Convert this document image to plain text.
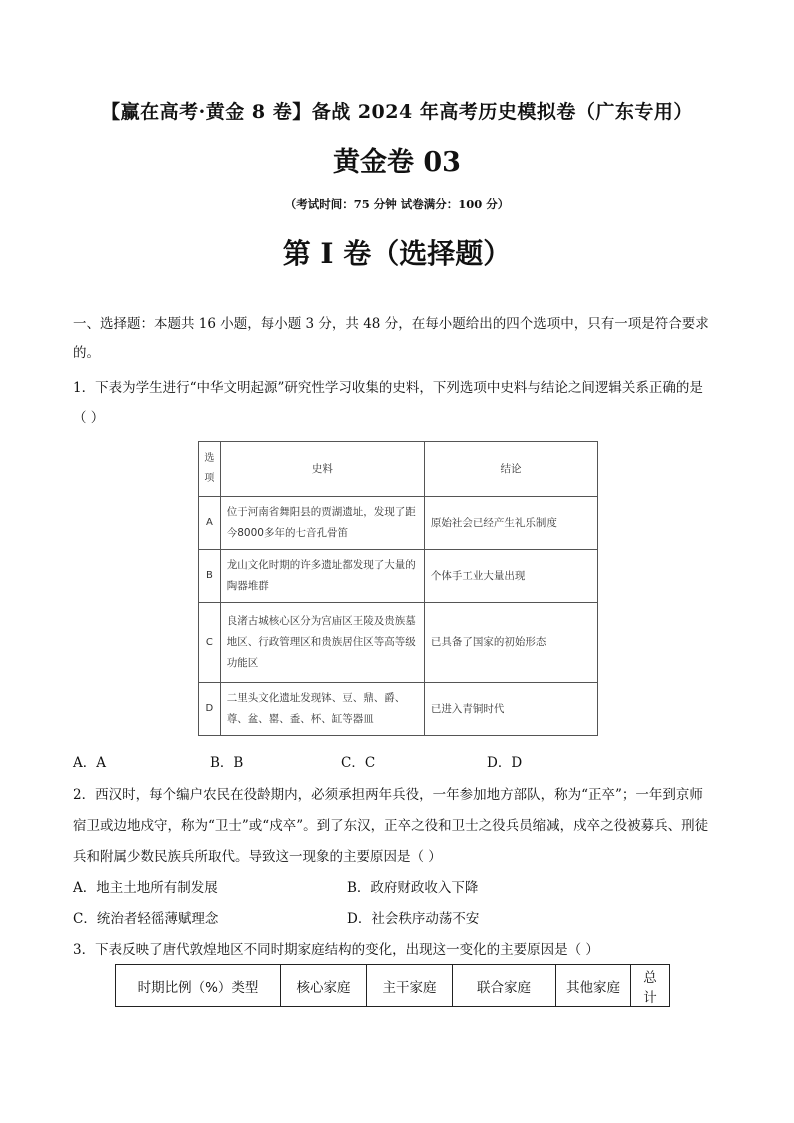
【赢在高考·黄金 8 卷】备战 2024 年高考历史模拟卷（广东专用）
黄金卷 03
（考试时间：75 分钟 试卷满分：100 分）
第 I 卷（选择题）
一、选择题：本题共 16 小题，每小题 3 分，共 48 分，在每小题给出的四个选项中，只有一项是符合要求
的。
1．下表为学生进行“中华文明起源”研究性学习收集的史料，下列选项中史料与结论之间逻辑关系正确的是
（ ）
选
项	史料	结论
A	位于河南省舞阳县的贾湖遗址，发现了距今8000多年的七音孔骨笛	原始社会已经产生礼乐制度
B	龙山文化时期的许多遗址都发现了大量的陶器堆群	个体手工业大量出现
C	良渚古城核心区分为宫庙区王陵及贵族墓地区、行政管理区和贵族居住区等高等级功能区	已具备了国家的初始形态
D	二里头文化遗址发现钵、豆、鼎、爵、尊、盆、罂、盉、杯、缸等器皿	已进入青铜时代
A．A	B．B	C．C	D．D
2．西汉时，每个编户农民在役龄期内，必须承担两年兵役，一年参加地方部队，称为“正卒”；一年到京师
宿卫或边地戍守，称为“卫士”或“戍卒”。到了东汉，正卒之役和卫士之役兵员缩减，戍卒之役被募兵、刑徒
兵和附属少数民族兵所取代。导致这一现象的主要原因是（ ）
A．地主土地所有制发展	B．政府财政收入下降
C．统治者轻徭薄赋理念	D．社会秩序动荡不安
3．下表反映了唐代敦煌地区不同时期家庭结构的变化，出现这一变化的主要原因是（ ）
时期比例（%）类型	核心家庭	主干家庭	联合家庭	其他家庭	总计
